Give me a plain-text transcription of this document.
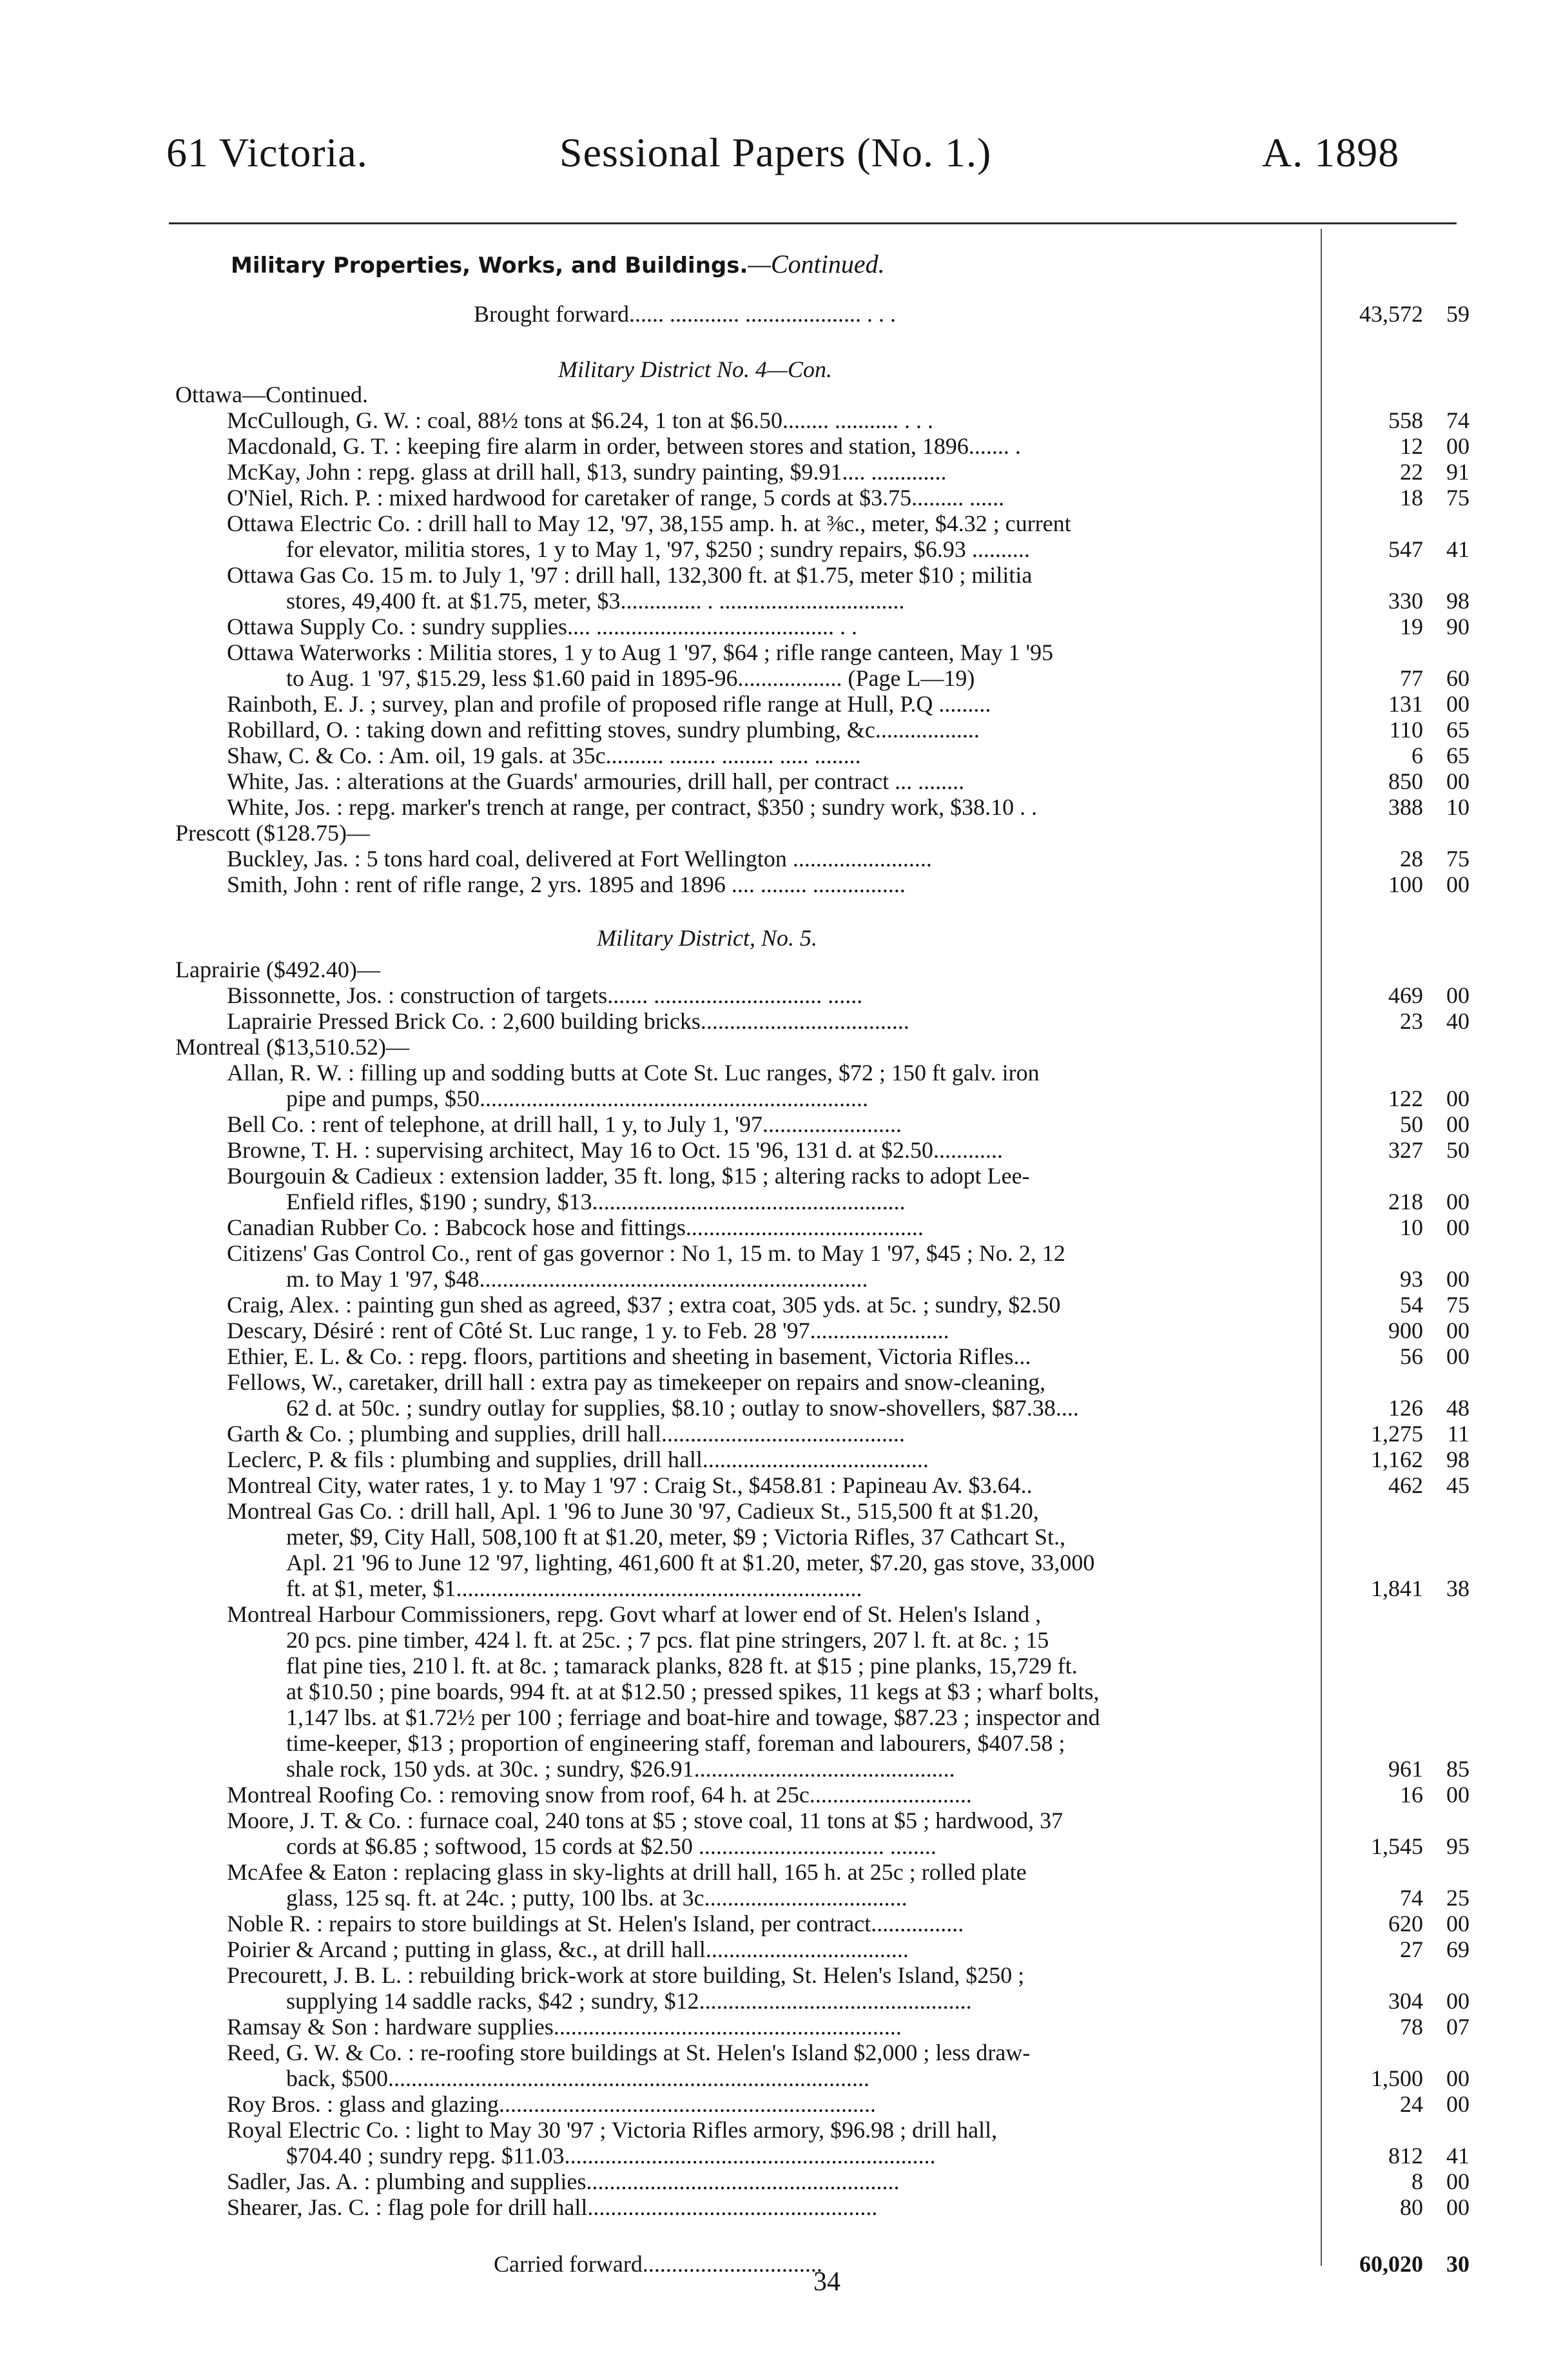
61 Victoria.	Sessional Papers (No. 1.)	A. 1898
Military Properties, Works, and Buildings.—Continued.
Brought forward...... ............ .................... . . .	43,572 59
Military District No. 4—Con.
Ottawa—Continued.
McCullough, G. W. : coal, 88½ tons at $6.24, 1 ton at $6.50........ ........... . . .	558 74
Macdonald, G. T. : keeping fire alarm in order, between stores and station, 1896....... .	12 00
McKay, John : repg. glass at drill hall, $13, sundry painting, $9.91.... .............	22 91
O'Niel, Rich. P. : mixed hardwood for caretaker of range, 5 cords at $3.75......... ......	18 75
Ottawa Electric Co. : drill hall to May 12, '97, 38,155 amp. h. at ⅜c., meter, $4.32 ; current
for elevator, militia stores, 1 y to May 1, '97, $250 ; sundry repairs, $6.93 ..........	547 41
Ottawa Gas Co. 15 m. to July 1, '97 : drill hall, 132,300 ft. at $1.75, meter $10 ; militia
stores, 49,400 ft. at $1.75, meter, $3.............. . ................................	330 98
Ottawa Supply Co. : sundry supplies.... ......................................... . .	19 90
Ottawa Waterworks : Militia stores, 1 y to Aug 1 '97, $64 ; rifle range canteen, May 1 '95
to Aug. 1 '97, $15.29, less $1.60 paid in 1895-96.................. (Page L—19)	77 60
Rainboth, E. J. ; survey, plan and profile of proposed rifle range at Hull, P.Q .........	131 00
Robillard, O. : taking down and refitting stoves, sundry plumbing, &c..................	110 65
Shaw, C. & Co. : Am. oil, 19 gals. at 35c.......... ........ ......... ..... ........	6 65
White, Jas. : alterations at the Guards' armouries, drill hall, per contract ... ........	850 00
White, Jos. : repg. marker's trench at range, per contract, $350 ; sundry work, $38.10 . .	388 10
Prescott ($128.75)—
Buckley, Jas. : 5 tons hard coal, delivered at Fort Wellington ........................	28 75
Smith, John : rent of rifle range, 2 yrs. 1895 and 1896 .... ........ ................	100 00
Military District, No. 5.
Laprairie ($492.40)—
Bissonnette, Jos. : construction of targets....... ............................. ......	469 00
Laprairie Pressed Brick Co. : 2,600 building bricks....................................	23 40
Montreal ($13,510.52)—
Allan, R. W. : filling up and sodding butts at Cote St. Luc ranges, $72 ; 150 ft galv. iron
pipe and pumps, $50...................................................................	122 00
Bell Co. : rent of telephone, at drill hall, 1 y, to July 1, '97........................	50 00
Browne, T. H. : supervising architect, May 16 to Oct. 15 '96, 131 d. at $2.50............	327 50
Bourgouin & Cadieux : extension ladder, 35 ft. long, $15 ; altering racks to adopt Lee-
Enfield rifles, $190 ; sundry, $13......................................................	218 00
Canadian Rubber Co. : Babcock hose and fittings.........................................	10 00
Citizens' Gas Control Co., rent of gas governor : No 1, 15 m. to May 1 '97, $45 ; No. 2, 12
m. to May 1 '97, $48...................................................................	93 00
Craig, Alex. : painting gun shed as agreed, $37 ; extra coat, 305 yds. at 5c. ; sundry, $2.50	54 75
Descary, Désiré : rent of Côté St. Luc range, 1 y. to Feb. 28 '97........................	900 00
Ethier, E. L. & Co. : repg. floors, partitions and sheeting in basement, Victoria Rifles...	56 00
Fellows, W., caretaker, drill hall : extra pay as timekeeper on repairs and snow-cleaning,
62 d. at 50c. ; sundry outlay for supplies, $8.10 ; outlay to snow-shovellers, $87.38....	126 48
Garth & Co. ; plumbing and supplies, drill hall..........................................	1,275 11
Leclerc, P. & fils : plumbing and supplies, drill hall.......................................	1,162 98
Montreal City, water rates, 1 y. to May 1 '97 : Craig St., $458.81 : Papineau Av. $3.64..	462 45
Montreal Gas Co. : drill hall, Apl. 1 '96 to June 30 '97, Cadieux St., 515,500 ft at $1.20,
meter, $9, City Hall, 508,100 ft at $1.20, meter, $9 ; Victoria Rifles, 37 Cathcart St.,
Apl. 21 '96 to June 12 '97, lighting, 461,600 ft at $1.20, meter, $7.20, gas stove, 33,000
ft. at $1, meter, $1......................................................................	1,841 38
Montreal Harbour Commissioners, repg. Govt wharf at lower end of St. Helen's Island ,
20 pcs. pine timber, 424 l. ft. at 25c. ; 7 pcs. flat pine stringers, 207 l. ft. at 8c. ; 15
flat pine ties, 210 l. ft. at 8c. ; tamarack planks, 828 ft. at $15 ; pine planks, 15,729 ft.
at $10.50 ; pine boards, 994 ft. at at $12.50 ; pressed spikes, 11 kegs at $3 ; wharf bolts,
1,147 lbs. at $1.72½ per 100 ; ferriage and boat-hire and towage, $87.23 ; inspector and
time-keeper, $13 ; proportion of engineering staff, foreman and labourers, $407.58 ;
shale rock, 150 yds. at 30c. ; sundry, $26.91.............................................	961 85
Montreal Roofing Co. : removing snow from roof, 64 h. at 25c............................	16 00
Moore, J. T. & Co. : furnace coal, 240 tons at $5 ; stove coal, 11 tons at $5 ; hardwood, 37
cords at $6.85 ; softwood, 15 cords at $2.50 ................................ ........	1,545 95
McAfee & Eaton : replacing glass in sky-lights at drill hall, 165 h. at 25c ; rolled plate
glass, 125 sq. ft. at 24c. ; putty, 100 lbs. at 3c...................................	74 25
Noble R. : repairs to store buildings at St. Helen's Island, per contract................	620 00
Poirier & Arcand ; putting in glass, &c., at drill hall...................................	27 69
Precourett, J. B. L. : rebuilding brick-work at store building, St. Helen's Island, $250 ;
supplying 14 saddle racks, $42 ; sundry, $12...............................................	304 00
Ramsay & Son : hardware supplies............................................................	78 07
Reed, G. W. & Co. : re-roofing store buildings at St. Helen's Island $2,000 ; less draw-
back, $500...................................................................................	1,500 00
Roy Bros. : glass and glazing.................................................................	24 00
Royal Electric Co. : light to May 30 '97 ; Victoria Rifles armory, $96.98 ; drill hall,
$704.40 ; sundry repg. $11.03................................................................	812 41
Sadler, Jas. A. : plumbing and supplies......................................................	8 00
Shearer, Jas. C. : flag pole for drill hall..................................................	80 00
Carried forward...............................	60,020 30
34
